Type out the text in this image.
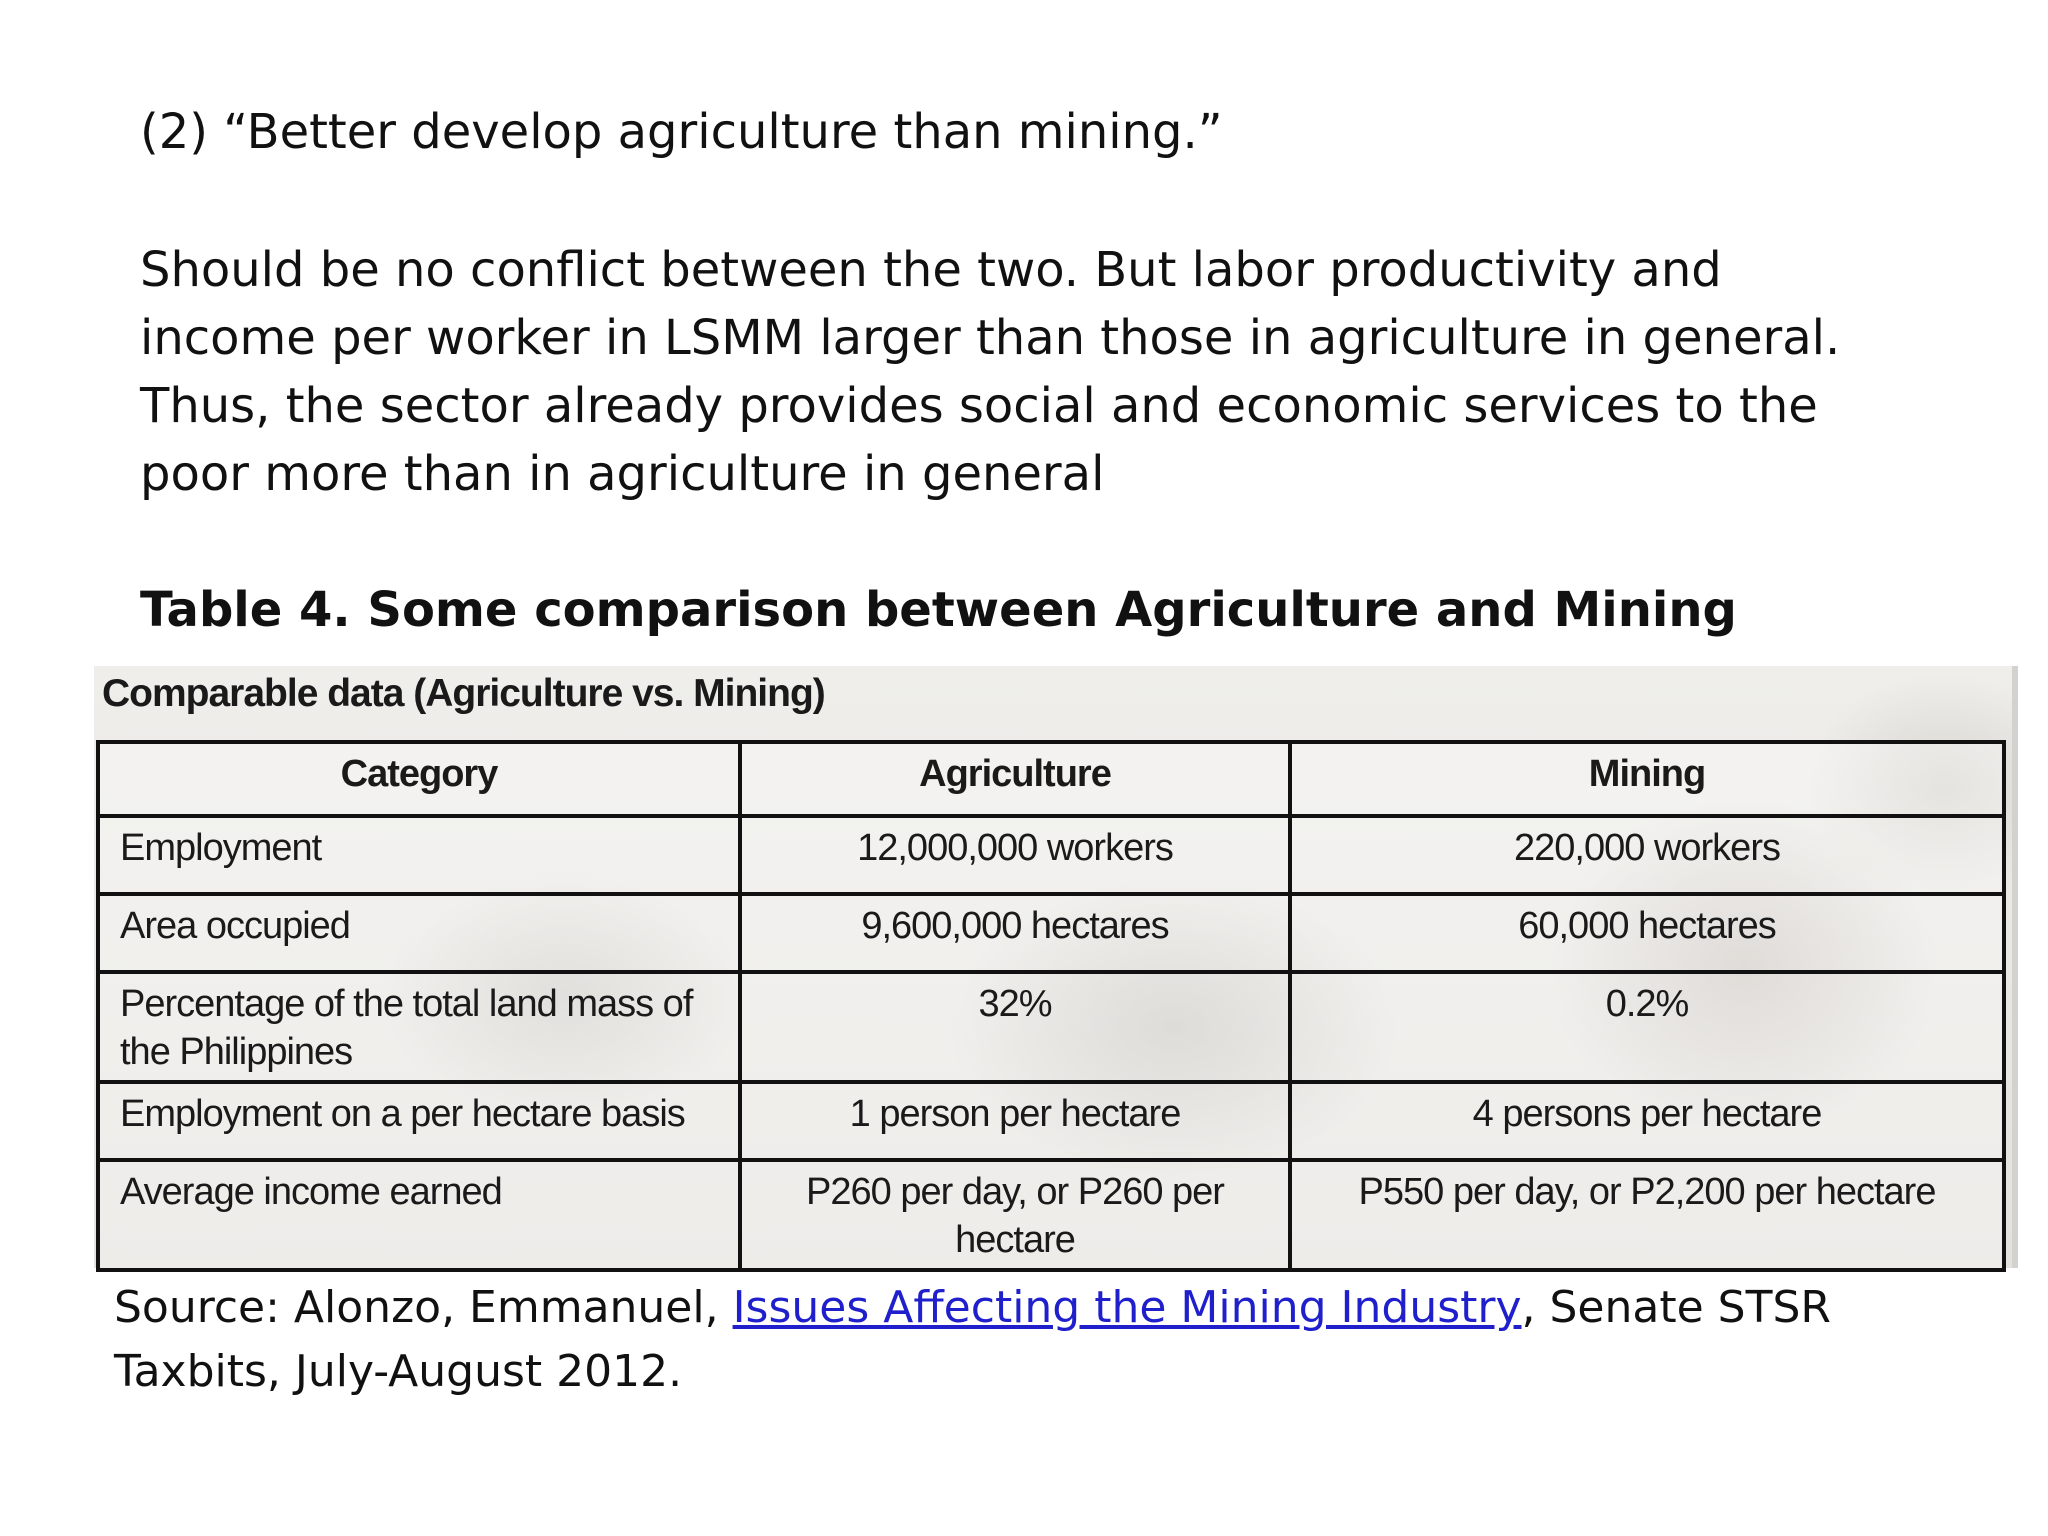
(2) “Better develop agriculture than mining.”
Should be no conflict between the two. But labor productivity and
income per worker in LSMM larger than those in agriculture in general.
Thus, the sector already provides social and economic services to the
poor more than in agriculture in general
Table 4. Some comparison between Agriculture and Mining
Comparable data (Agriculture vs. Mining)
Category	Agriculture	Mining
Employment	12,000,000 workers	220,000 workers
Area occupied	9,600,000 hectares	60,000 hectares
Percentage of the total land mass of the Philippines	32%	0.2%
Employment on a per hectare basis	1 person per hectare	4 persons per hectare
Average income earned	P260 per day, or P260 per hectare	P550 per day, or P2,200 per hectare
Source: Alonzo, Emmanuel, Issues Affecting the Mining Industry, Senate STSR Taxbits, July-August 2012.
